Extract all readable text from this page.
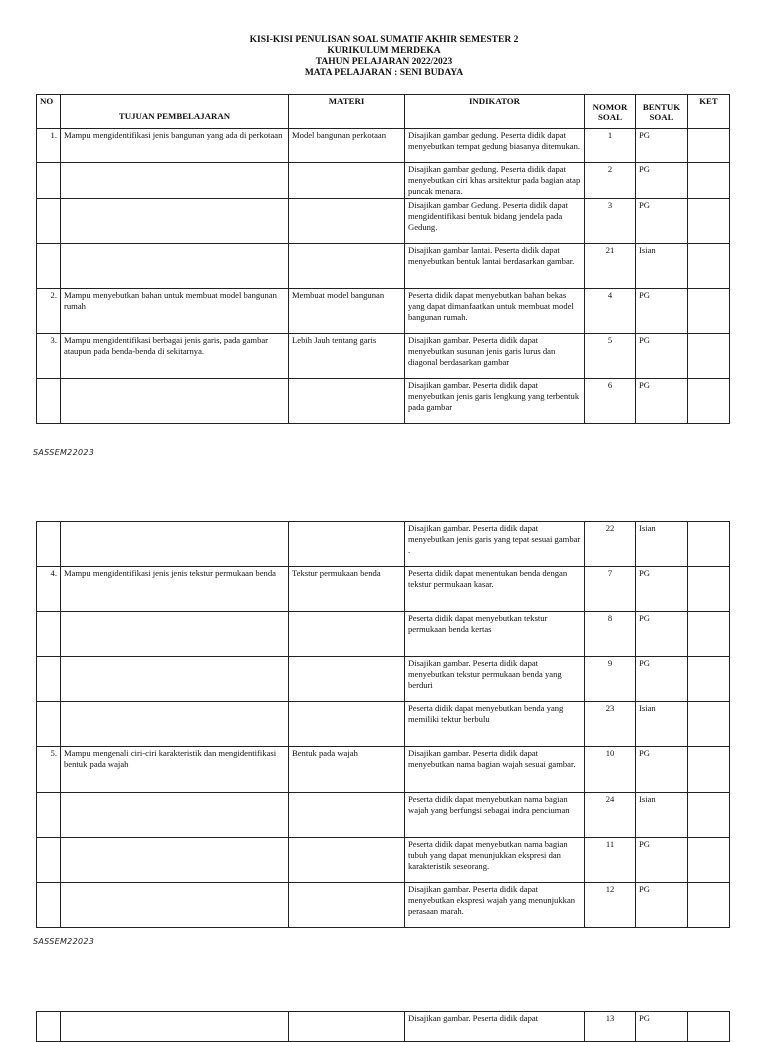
KISI-KISI PENULISAN SOAL SUMATIF AKHIR SEMESTER 2
KURIKULUM MERDEKA
TAHUN PELAJARAN 2022/2023
MATA PELAJARAN : SENI BUDAYA
NO	TUJUAN PEMBELAJARAN	MATERI	INDIKATOR	NOMOR SOAL	BENTUK SOAL	KET
1.	Mampu mengidentifikasi jenis bangunan yang ada di perkotaan	Model bangunan perkotaan	Disajikan gambar gedung. Peserta didik dapat menyebutkan tempat gedung biasanya ditemukan.	1	PG	
			Disajikan gambar gedung. Peserta didik dapat menyebutkan ciri khas arsitektur pada bagian atap puncak menara.	2	PG	
			Disajikan gambar Gedung. Peserta didik dapat mengidentifikasi bentuk bidang jendela pada Gedung.	3	PG	
			Disajikan gambar lantai. Peserta didik dapat menyebutkan bentuk lantai berdasarkan gambar.	21	Isian	
2.	Mampu menyebutkan bahan untuk membuat model bangunan rumah	Membuat model bangunan	Peserta didik dapat menyebutkan bahan bekas yang dapat dimanfaatkan untuk membuat model bangunan rumah.	4	PG	
3.	Mampu mengidentifikasi berbagai jenis garis, pada gambar ataupun pada benda-benda di sekitarnya.	Lebih Jauh tentang garis	Disajikan gambar. Peserta didik dapat menyebutkan susunan jenis garis lurus dan diagonal berdasarkan gambar	5	PG	
			Disajikan gambar. Peserta didik dapat menyebutkan jenis garis lengkung yang terbentuk pada gambar	6	PG	
SASSEM22023
			Disajikan gambar. Peserta didik dapat menyebutkan jenis garis yang tepat sesuai gambar .	22	Isian	
4.	Mampu mengidentifikasi jenis jenis tekstur permukaan benda	Tekstur permukaan benda	Peserta didik dapat menentukan benda dengan tekstur permukaan kasar.	7	PG	
			Peserta didik dapat menyebutkan tekstur permukaan benda kertas	8	PG	
			Disajikan gambar. Peserta didik dapat menyebutkan tekstur permukaan benda yang berduri	9	PG	
			Peserta didik dapat menyebutkan benda yang memiliki tektur berbulu	23	Isian	
5.	Mampu mengenali ciri-ciri karakteristik dan mengidentifikasi bentuk pada wajah	Bentuk pada wajah	Disajikan gambar. Peserta didik dapat menyebutkan nama bagian wajah sesuai gambar.	10	PG	
			Peserta didik dapat menyebutkan nama bagian wajah yang berfungsi sebagai indra penciuman	24	Isian	
			Peserta didik dapat menyebutkan nama bagian tubuh yang dapat menunjukkan ekspresi dan karakteristik seseorang.	11	PG	
			Disajikan gambar. Peserta didik dapat menyebutkan ekspresi wajah yang menunjukkan perasaan marah.	12	PG	
SASSEM22023
			Disajikan gambar. Peserta didik dapat	13	PG	
